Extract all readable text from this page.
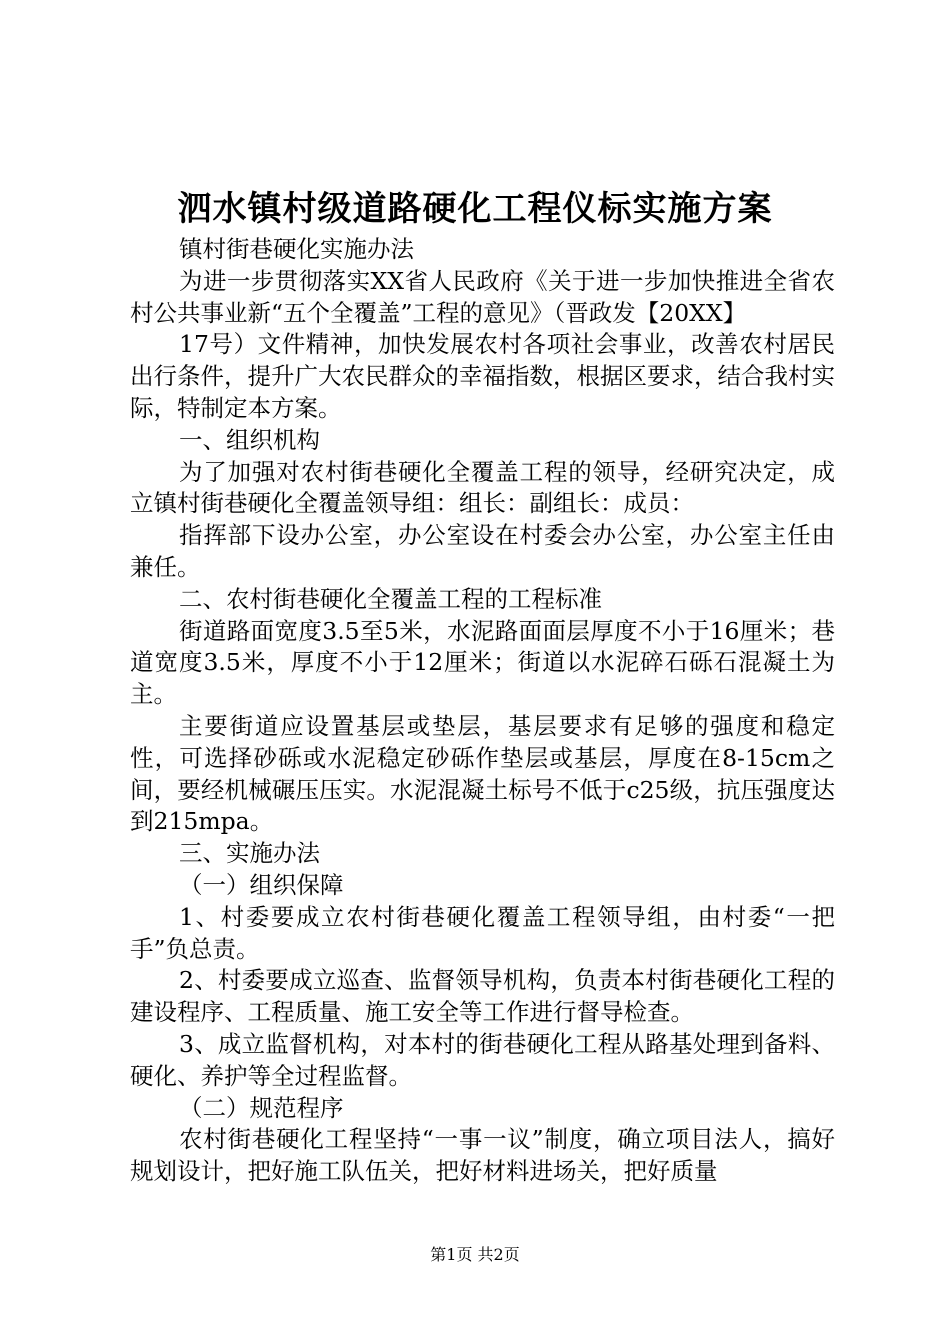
泗水镇村级道路硬化工程仪标实施方案

镇村街巷硬化实施办法

为进一步贯彻落实XX省人民政府《关于进一步加快推进全省农村公共事业新“五个全覆盖”工程的意见》（晋政发【20XX】

17号）文件精神，加快发展农村各项社会事业，改善农村居民出行条件，提升广大农民群众的幸福指数，根据区要求，结合我村实际，特制定本方案。

一、组织机构

为了加强对农村街巷硬化全覆盖工程的领导，经研究决定，成立镇村街巷硬化全覆盖领导组：组长：副组长：成员：

指挥部下设办公室，办公室设在村委会办公室，办公室主任由兼任。

二、农村街巷硬化全覆盖工程的工程标准

街道路面宽度3.5至5米，水泥路面面层厚度不小于16厘米；巷道宽度3.5米，厚度不小于12厘米；街道以水泥碎石砾石混凝土为主。

主要街道应设置基层或垫层，基层要求有足够的强度和稳定性，可选择砂砾或水泥稳定砂砾作垫层或基层，厚度在8-15cm之间，要经机械碾压压实。水泥混凝土标号不低于c25级，抗压强度达到215mpa。

三、实施办法

（一）组织保障

1、村委要成立农村街巷硬化覆盖工程领导组，由村委“一把手”负总责。

2、村委要成立巡查、监督领导机构，负责本村街巷硬化工程的建设程序、工程质量、施工安全等工作进行督导检查。

3、成立监督机构，对本村的街巷硬化工程从路基处理到备料、硬化、养护等全过程监督。

（二）规范程序

农村街巷硬化工程坚持“一事一议”制度，确立项目法人，搞好规划设计，把好施工队伍关，把好材料进场关，把好质量

第1页 共2页
